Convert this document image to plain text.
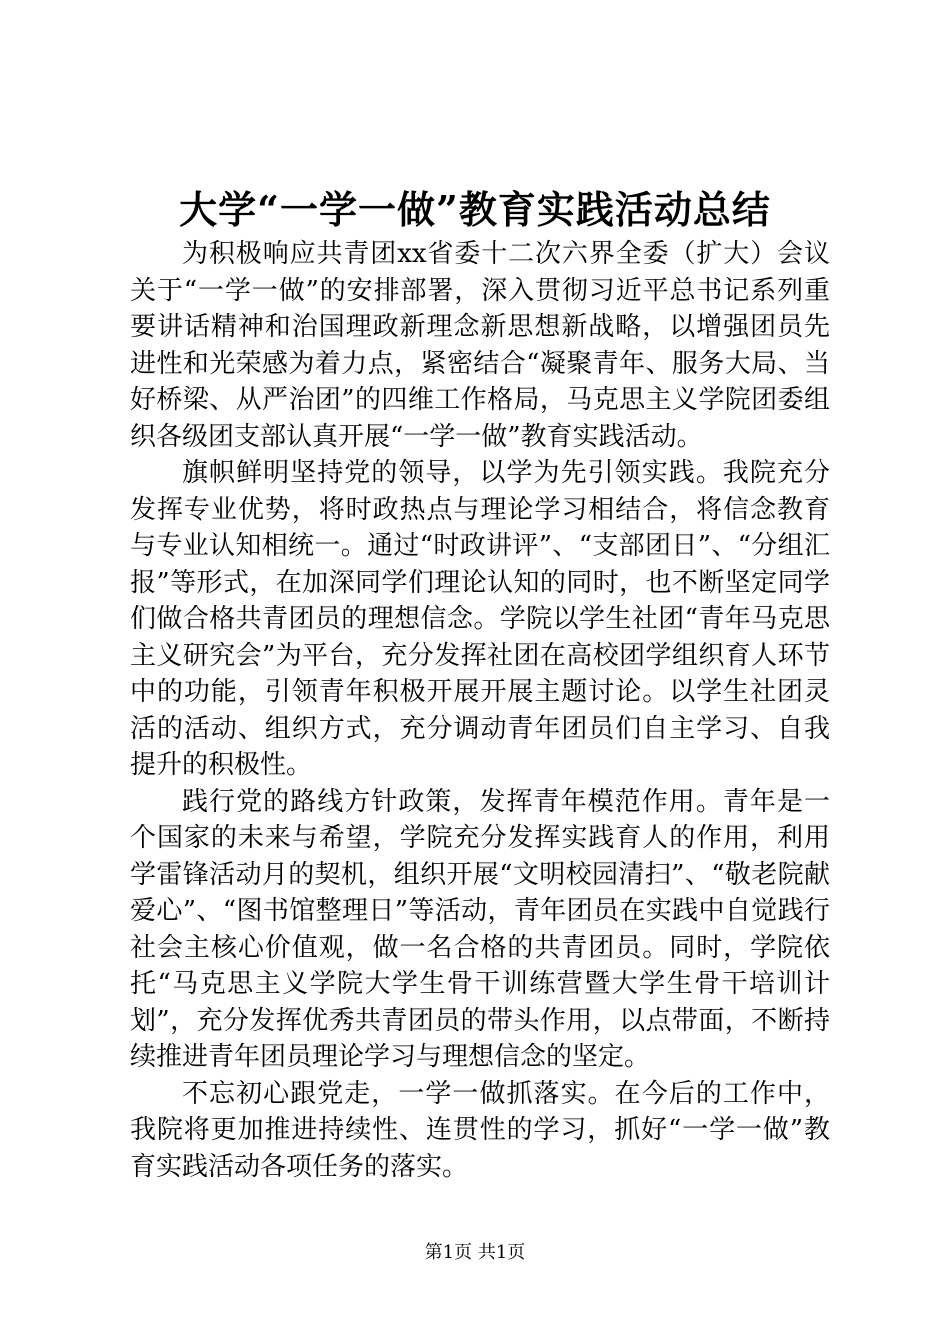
大学“一学一做”教育实践活动总结

为积极响应共青团xx省委十二次六界全委（扩大）会议关于“一学一做”的安排部署，深入贯彻习近平总书记系列重要讲话精神和治国理政新理念新思想新战略，以增强团员先进性和光荣感为着力点，紧密结合“凝聚青年、服务大局、当好桥梁、从严治团”的四维工作格局，马克思主义学院团委组织各级团支部认真开展“一学一做”教育实践活动。

旗帜鲜明坚持党的领导，以学为先引领实践。我院充分发挥专业优势，将时政热点与理论学习相结合，将信念教育与专业认知相统一。通过“时政讲评”、“支部团日”、“分组汇报”等形式，在加深同学们理论认知的同时，也不断坚定同学们做合格共青团员的理想信念。学院以学生社团“青年马克思主义研究会”为平台，充分发挥社团在高校团学组织育人环节中的功能，引领青年积极开展开展主题讨论。以学生社团灵活的活动、组织方式，充分调动青年团员们自主学习、自我提升的积极性。

践行党的路线方针政策，发挥青年模范作用。青年是一个国家的未来与希望，学院充分发挥实践育人的作用，利用学雷锋活动月的契机，组织开展“文明校园清扫”、“敬老院献爱心”、“图书馆整理日”等活动，青年团员在实践中自觉践行社会主核心价值观，做一名合格的共青团员。同时，学院依托“马克思主义学院大学生骨干训练营暨大学生骨干培训计划”，充分发挥优秀共青团员的带头作用，以点带面，不断持续推进青年团员理论学习与理想信念的坚定。

不忘初心跟党走，一学一做抓落实。在今后的工作中，我院将更加推进持续性、连贯性的学习，抓好“一学一做”教育实践活动各项任务的落实。

第1页 共1页
